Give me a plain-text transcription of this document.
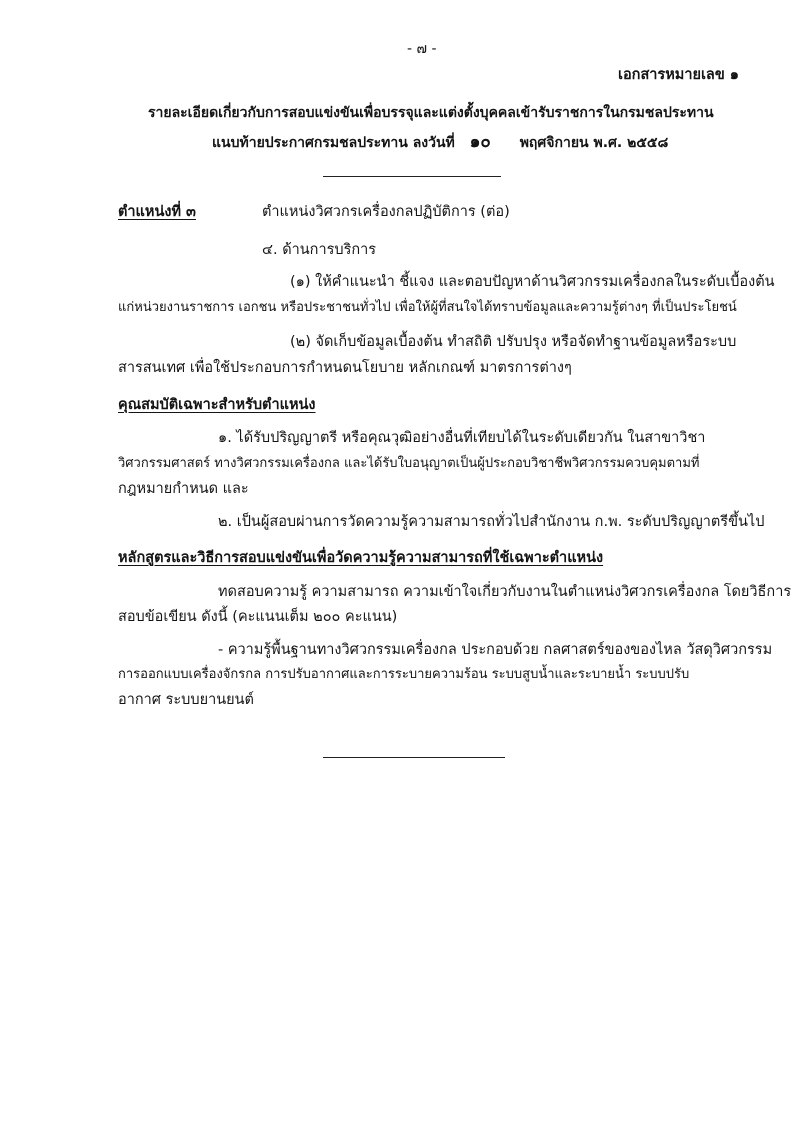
- ๗ -
เอกสารหมายเลข ๑
รายละเอียดเกี่ยวกับการสอบแข่งขันเพื่อบรรจุและแต่งตั้งบุคคลเข้ารับราชการในกรมชลประทาน
แนบท้ายประกาศกรมชลประทาน ลงวันที่ ๑๐ พฤศจิกายน พ.ศ. ๒๕๕๘
ตำแหน่งที่ ๓	ตำแหน่งวิศวกรเครื่องกลปฏิบัติการ (ต่อ)
๔. ด้านการบริการ
(๑) ให้คำแนะนำ ชี้แจง และตอบปัญหาด้านวิศวกรรมเครื่องกลในระดับเบื้องต้น
แก่หน่วยงานราชการ เอกชน หรือประชาชนทั่วไป เพื่อให้ผู้ที่สนใจได้ทราบข้อมูลและความรู้ต่างๆ ที่เป็นประโยชน์
(๒) จัดเก็บข้อมูลเบื้องต้น ทำสถิติ ปรับปรุง หรือจัดทำฐานข้อมูลหรือระบบ
สารสนเทศ เพื่อใช้ประกอบการกำหนดนโยบาย หลักเกณฑ์ มาตรการต่างๆ
คุณสมบัติเฉพาะสำหรับตำแหน่ง
๑. ได้รับปริญญาตรี หรือคุณวุฒิอย่างอื่นที่เทียบได้ในระดับเดียวกัน ในสาขาวิชา
วิศวกรรมศาสตร์ ทางวิศวกรรมเครื่องกล และได้รับใบอนุญาตเป็นผู้ประกอบวิชาชีพวิศวกรรมควบคุมตามที่
กฎหมายกำหนด และ
๒. เป็นผู้สอบผ่านการวัดความรู้ความสามารถทั่วไปสำนักงาน ก.พ. ระดับปริญญาตรีขึ้นไป
หลักสูตรและวิธีการสอบแข่งขันเพื่อวัดความรู้ความสามารถที่ใช้เฉพาะตำแหน่ง
ทดสอบความรู้ ความสามารถ ความเข้าใจเกี่ยวกับงานในตำแหน่งวิศวกรเครื่องกล โดยวิธีการ
สอบข้อเขียน ดังนี้ (คะแนนเต็ม ๒๐๐ คะแนน)
- ความรู้พื้นฐานทางวิศวกรรมเครื่องกล ประกอบด้วย กลศาสตร์ของของไหล วัสดุวิศวกรรม
การออกแบบเครื่องจักรกล การปรับอากาศและการระบายความร้อน ระบบสูบน้ำและระบายน้ำ ระบบปรับ
อากาศ ระบบยานยนต์
